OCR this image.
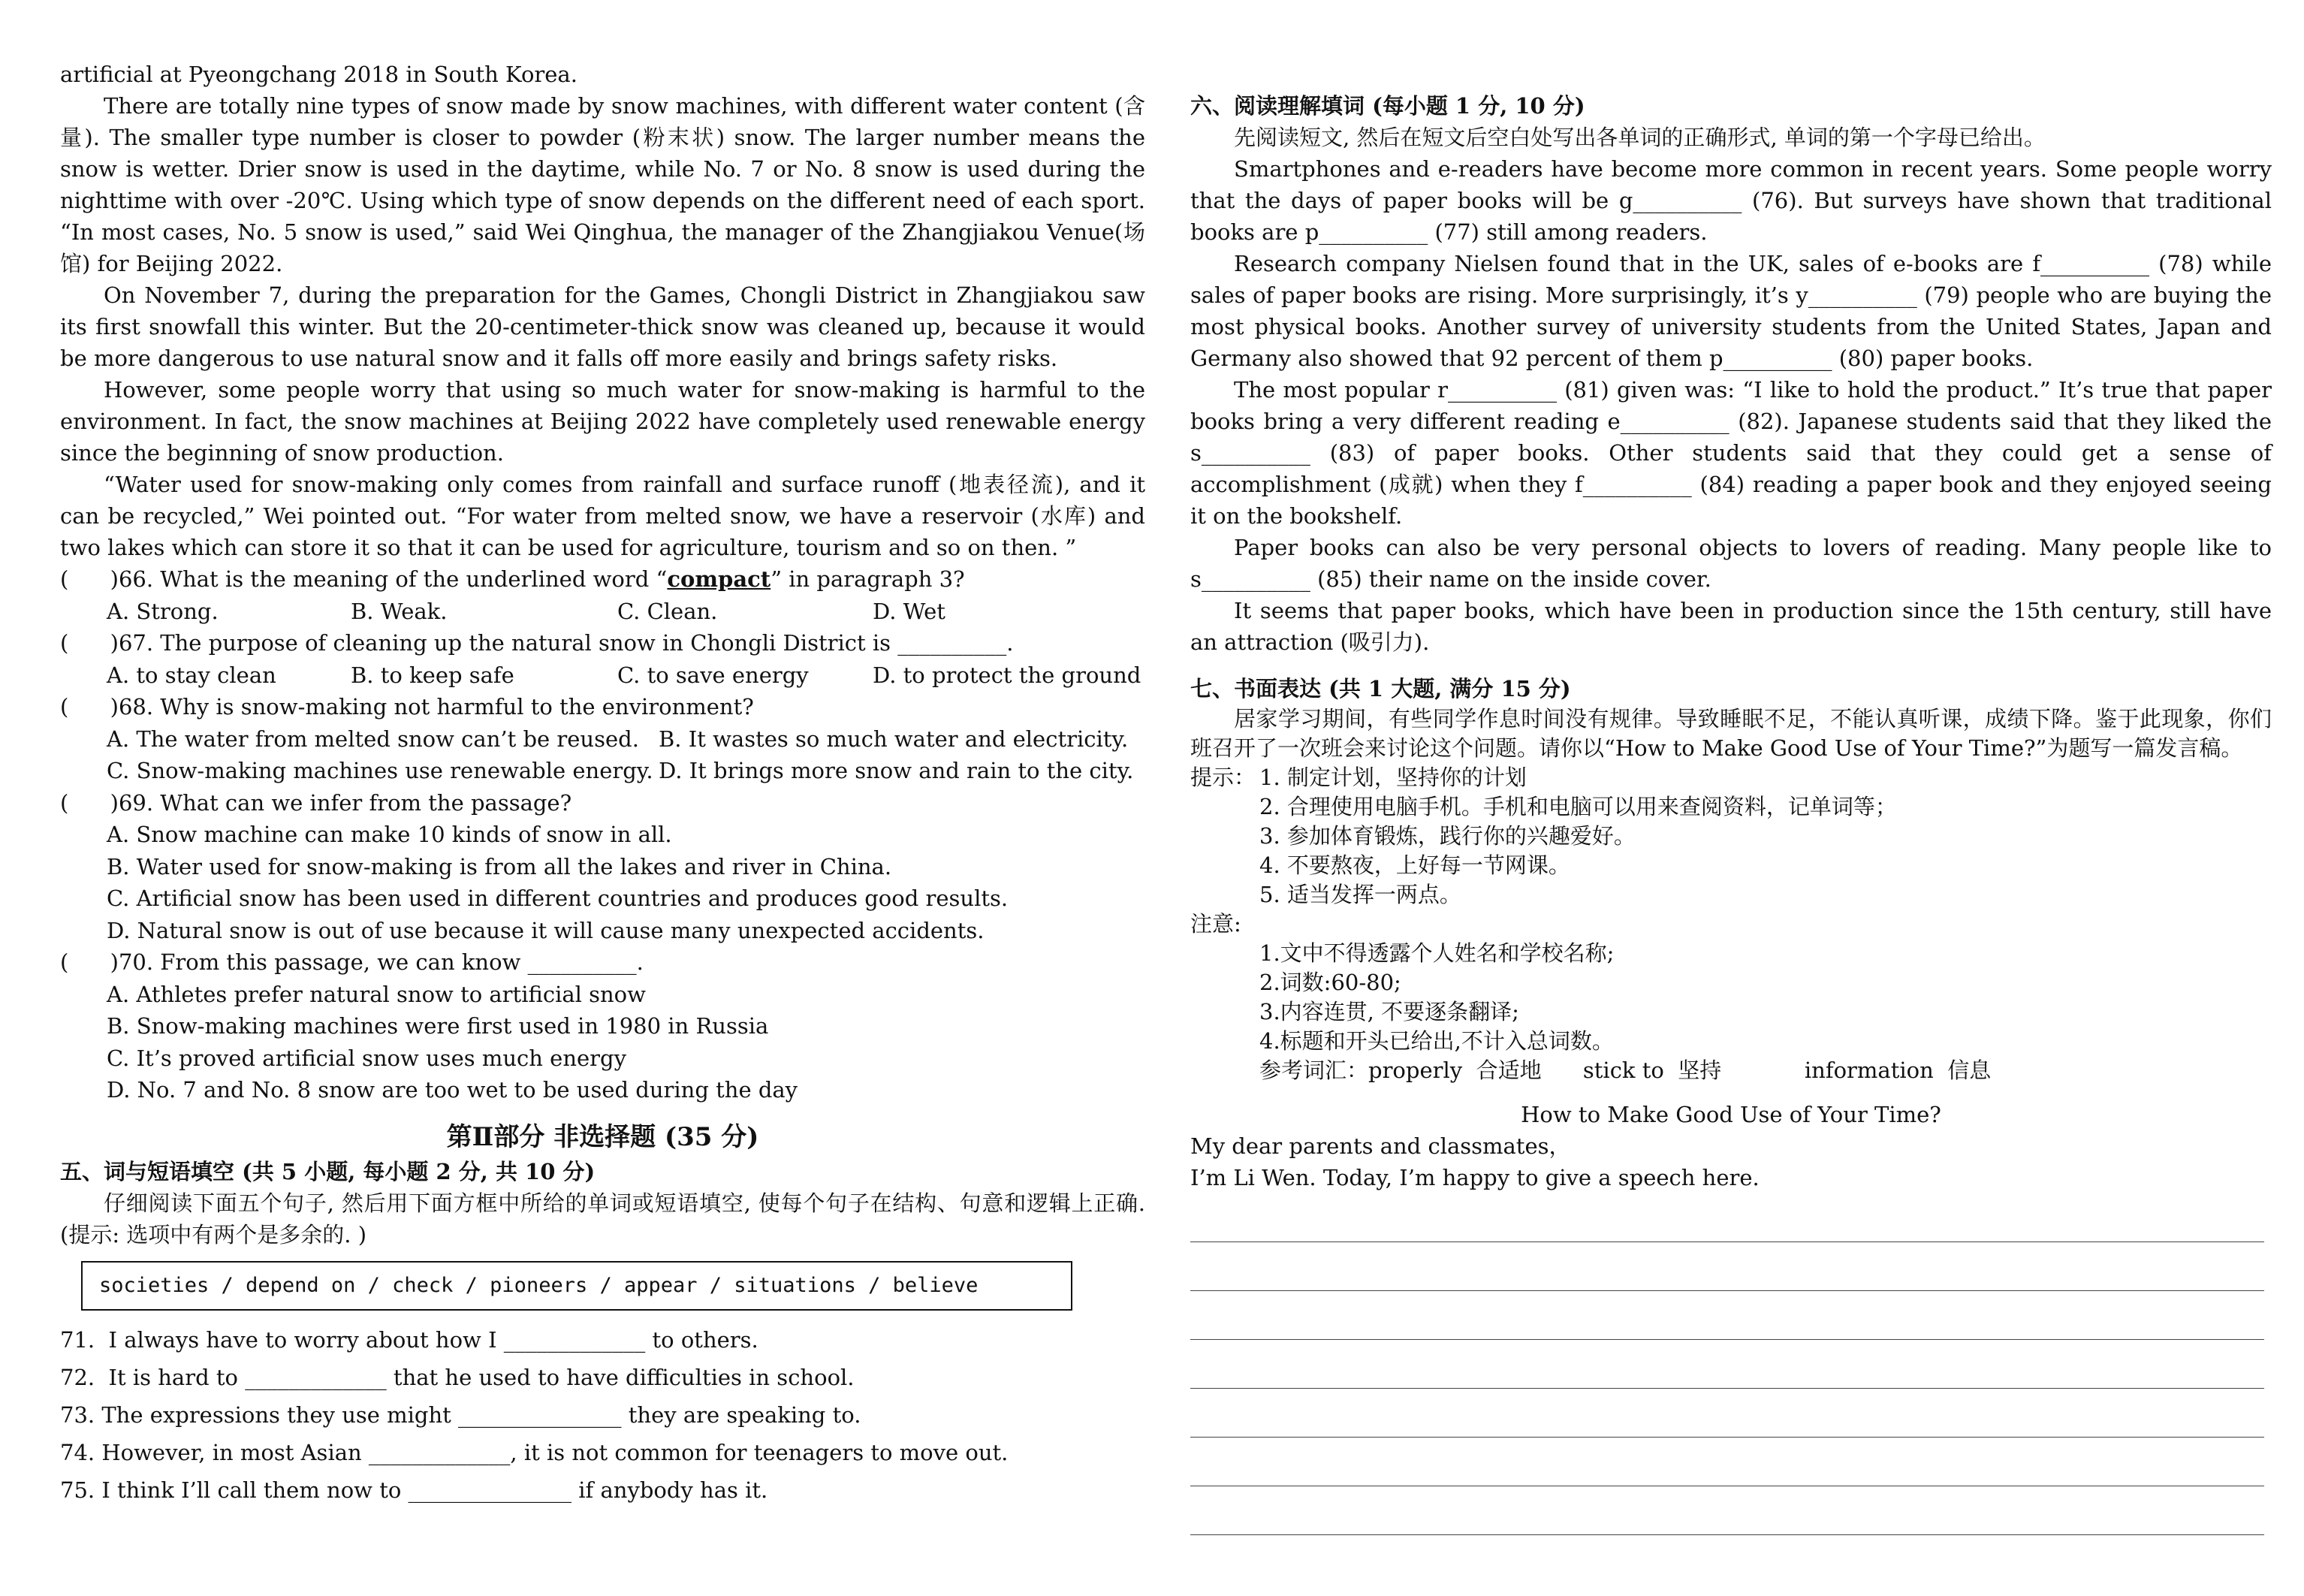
artificial at Pyeongchang 2018 in South Korea.

There are totally nine types of snow made by snow machines, with different water content (含量). The smaller type number is closer to powder (粉末状) snow. The larger number means the snow is wetter. Drier snow is used in the daytime, while No. 7 or No. 8 snow is used during the nighttime with over -20℃. Using which type of snow depends on the different need of each sport. “In most cases, No. 5 snow is used,” said Wei Qinghua, the manager of the Zhangjiakou Venue(场馆) for Beijing 2022.

On November 7, during the preparation for the Games, Chongli District in Zhangjiakou saw its first snowfall this winter. But the 20-centimeter-thick snow was cleaned up, because it would be more dangerous to use natural snow and it falls off more easily and brings safety risks.

However, some people worry that using so much water for snow-making is harmful to the environment. In fact, the snow machines at Beijing 2022 have completely used renewable energy since the beginning of snow production.

“Water used for snow-making only comes from rainfall and surface runoff (地表径流), and it can be recycled,” Wei pointed out. “For water from melted snow, we have a reservoir (水库) and two lakes which can store it so that it can be used for agriculture, tourism and so on then. ”

(      )66. What is the meaning of the underlined word “compact” in paragraph 3?

A. Strong.	B. Weak.	C. Clean.	D. Wet

(      )67. The purpose of cleaning up the natural snow in Chongli District is __________.

A. to stay clean	B. to keep safe	C. to save energy	D. to protect the ground

(      )68. Why is snow-making not harmful to the environment?

A. The water from melted snow can’t be reused. B. It wastes so much water and electricity.
C. Snow-making machines use renewable energy. D. It brings more snow and rain to the city.

(      )69. What can we infer from the passage?

A. Snow machine can make 10 kinds of snow in all.

B. Water used for snow-making is from all the lakes and river in China.

C. Artificial snow has been used in different countries and produces good results.

D. Natural snow is out of use because it will cause many unexpected accidents.

(      )70. From this passage, we can know __________.

A. Athletes prefer natural snow to artificial snow

B. Snow-making machines were first used in 1980 in Russia

C. It’s proved artificial snow uses much energy

D. No. 7 and No. 8 snow are too wet to be used during the day

第Ⅱ部分 非选择题 (35 分)

五、词与短语填空 (共 5 小题, 每小题 2 分, 共 10 分)

仔细阅读下面五个句子, 然后用下面方框中所给的单词或短语填空, 使每个句子在结构、句意和逻辑上正确. (提示: 选项中有两个是多余的. )

societies / depend on / check / pioneers / appear / situations / believe

71.  I always have to worry about how I _____________ to others.

72.  It is hard to _____________ that he used to have difficulties in school.

73. The expressions they use might _______________ they are speaking to.

74. However, in most Asian _____________, it is not common for teenagers to move out.

75. I think I’ll call them now to _______________ if anybody has it.

六、阅读理解填词 (每小题 1 分, 10 分)

先阅读短文, 然后在短文后空白处写出各单词的正确形式, 单词的第一个字母已给出。

Smartphones and e-readers have become more common in recent years. Some people worry that the days of paper books will be g__________ (76). But surveys have shown that traditional books are p__________ (77) still among readers.

Research company Nielsen found that in the UK, sales of e-books are f__________ (78) while sales of paper books are rising. More surprisingly, it’s y__________ (79) people who are buying the most physical books. Another survey of university students from the United States, Japan and Germany also showed that 92 percent of them p__________ (80) paper books.

The most popular r__________ (81) given was: “I like to hold the product.” It’s true that paper books bring a very different reading e__________ (82). Japanese students said that they liked the s__________ (83) of paper books. Other students said that they could get a sense of accomplishment (成就) when they f__________ (84) reading a paper book and they enjoyed seeing it on the bookshelf.

Paper books can also be very personal objects to lovers of reading. Many people like to s__________ (85) their name on the inside cover.

It seems that paper books, which have been in production since the 15th century, still have an attraction (吸引力).

七、书面表达 (共 1 大题, 满分 15 分)

居家学习期间，有些同学作息时间没有规律。导致睡眠不足，不能认真听课，成绩下降。鉴于此现象，你们班召开了一次班会来讨论这个问题。请你以“How to Make Good Use of Your Time?”为题写一篇发言稿。

提示： 1. 制定计划，坚持你的计划

2. 合理使用电脑手机。手机和电脑可以用来查阅资料，记单词等；

3. 参加体育锻炼，践行你的兴趣爱好。

4. 不要熬夜，上好每一节网课。

5. 适当发挥一两点。

注意:

1.文中不得透露个人姓名和学校名称;

2.词数:60-80;

3.内容连贯, 不要逐条翻译;

4.标题和开头已给出,不计入总词数。

参考词汇：properly  合适地      stick to  坚持            information  信息

How to Make Good Use of Your Time?

My dear parents and classmates，

I’m Li Wen. Today, I’m happy to give a speech here.
